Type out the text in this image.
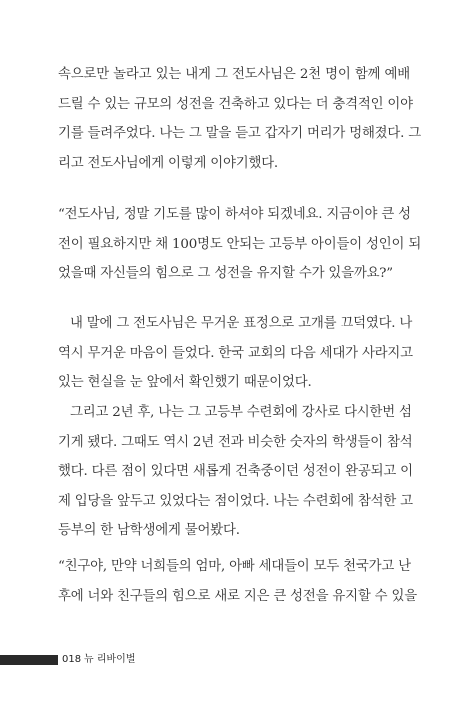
속으로만 놀라고 있는 내게 그 전도사님은 2천 명이 함께 예배
드릴 수 있는 규모의 성전을 건축하고 있다는 더 충격적인 이야
기를 들려주었다. 나는 그 말을 듣고 갑자기 머리가 멍해졌다. 그
리고 전도사님에게 이렇게 이야기했다.
“전도사님, 정말 기도를 많이 하셔야 되겠네요. 지금이야 큰 성
전이 필요하지만 채 100명도 안되는 고등부 아이들이 성인이 되
었을때 자신들의 힘으로 그 성전을 유지할 수가 있을까요?”
내 말에 그 전도사님은 무거운 표정으로 고개를 끄덕였다. 나
역시 무거운 마음이 들었다. 한국 교회의 다음 세대가 사라지고
있는 현실을 눈 앞에서 확인했기 때문이었다.
그리고 2년 후, 나는 그 고등부 수련회에 강사로 다시한번 섬
기게 됐다. 그때도 역시 2년 전과 비슷한 숫자의 학생들이 참석
했다. 다른 점이 있다면 새롭게 건축중이던 성전이 완공되고 이
제 입당을 앞두고 있었다는 점이었다. 나는 수련회에 참석한 고
등부의 한 남학생에게 물어봤다.
“친구야, 만약 너희들의 엄마, 아빠 세대들이 모두 천국가고 난
후에 너와 친구들의 힘으로 새로 지은 큰 성전을 유지할 수 있을
018 뉴 리바이벌
